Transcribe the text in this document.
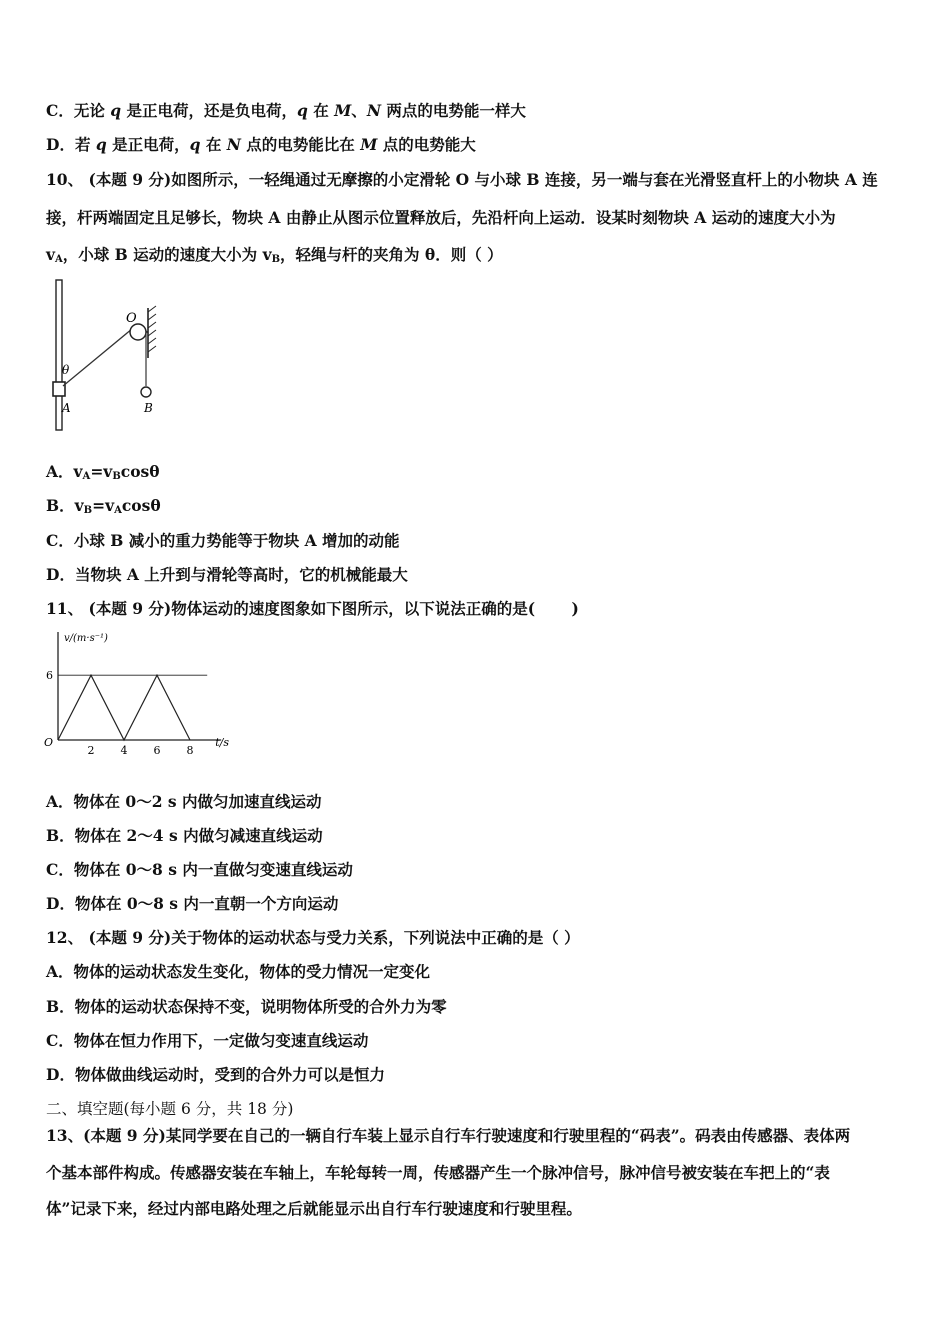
C．无论 q 是正电荷，还是负电荷，q 在 M、N 两点的电势能一样大
D．若 q 是正电荷，q 在 N 点的电势能比在 M 点的电势能大
10、 (本题 9 分)如图所示，一轻绳通过无摩擦的小定滑轮 O 与小球 B 连接，另一端与套在光滑竖直杆上的小物块 A 连
接，杆两端固定且足够长，物块 A 由静止从图示位置释放后，先沿杆向上运动．设某时刻物块 A 运动的速度大小为
$v_A$，小球 B 运动的速度大小为 $v_B$，轻绳与杆的夹角为 θ．则（ ）
O
θ
A	B
A．$v_A=v_B\cos\theta$
B．$v_B=v_A\cos\theta$
C．小球 B 减小的重力势能等于物块 A 增加的动能
D．当物块 A 上升到与滑轮等高时，它的机械能最大
11、 (本题 9 分)物体运动的速度图象如下图所示，以下说法正确的是(　　 )
v/(m·s⁻¹)
t/s
O
6
2 4 6 8
A．物体在 0～2 s 内做匀加速直线运动
B．物体在 2～4 s 内做匀减速直线运动
C．物体在 0～8 s 内一直做匀变速直线运动
D．物体在 0～8 s 内一直朝一个方向运动
12、 (本题 9 分)关于物体的运动状态与受力关系，下列说法中正确的是（ ）
A．物体的运动状态发生变化，物体的受力情况一定变化
B．物体的运动状态保持不变，说明物体所受的合外力为零
C．物体在恒力作用下，一定做匀变速直线运动
D．物体做曲线运动时，受到的合外力可以是恒力
二、填空题(每小题 6 分，共 18 分)
13、(本题 9 分)某同学要在自己的一辆自行车装上显示自行车行驶速度和行驶里程的“码表”。码表由传感器、表体两
个基本部件构成。传感器安装在车轴上，车轮每转一周，传感器产生一个脉冲信号，脉冲信号被安装在车把上的“表
体”记录下来，经过内部电路处理之后就能显示出自行车行驶速度和行驶里程。
